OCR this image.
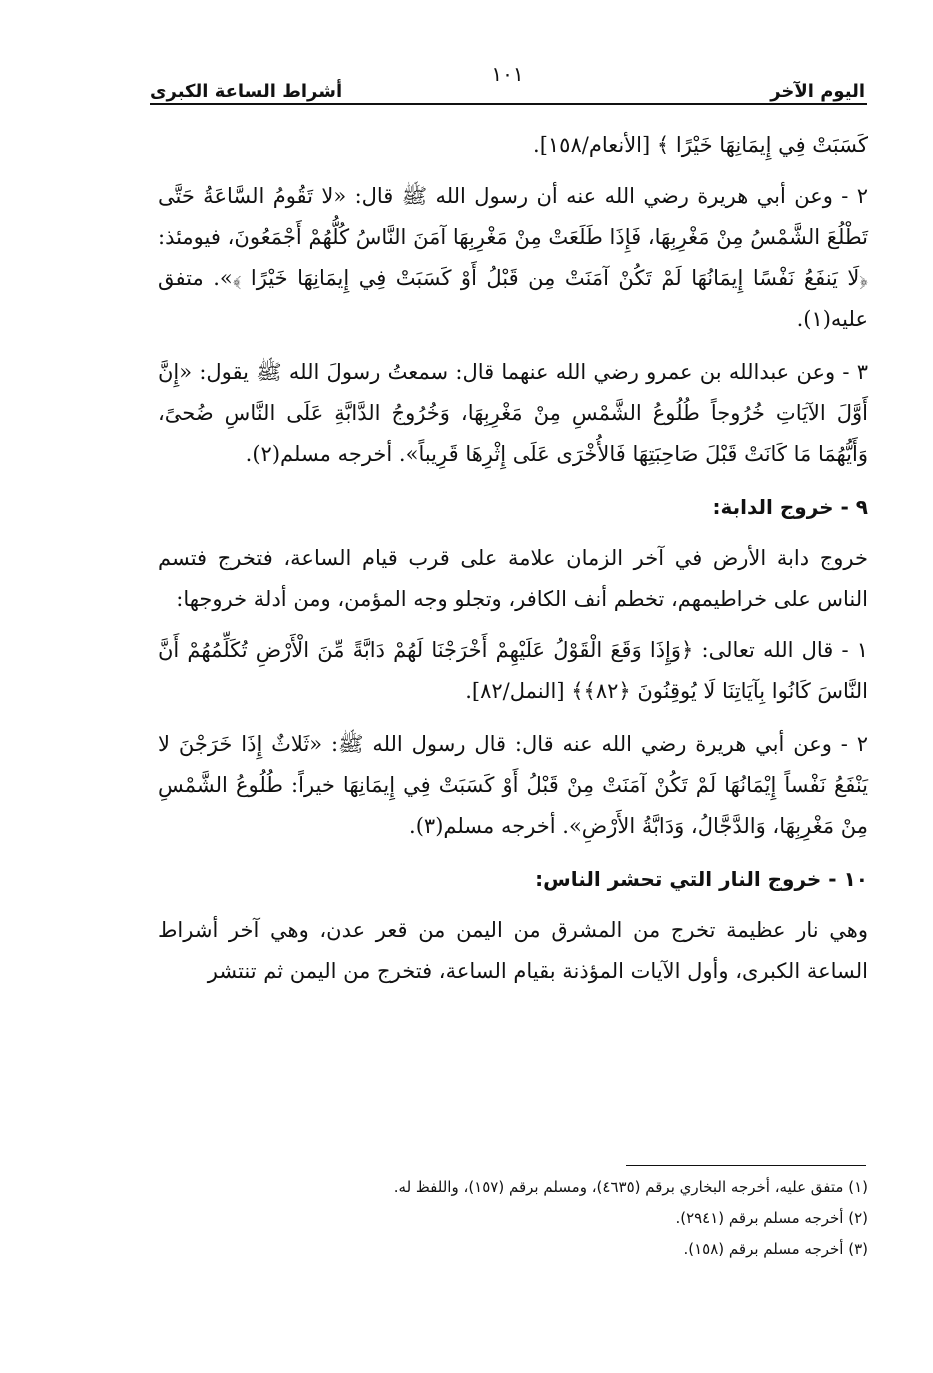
اليوم الآخر
١٠١
أشراط الساعة الكبرى

كَسَبَتْ فِي إِيمَانِهَا خَيْرًا ﴾ [الأنعام/١٥٨].

٢ - وعن أبي هريرة رضي الله عنه أن رسول الله ﷺ قال: «لا تَقُومُ السَّاعَةُ حَتَّى تَطْلُعَ الشَّمْسُ مِنْ مَغْرِبِهَا، فَإِذَا طَلَعَتْ مِنْ مَغْرِبِهَا آمَنَ النَّاسُ كُلُّهُمْ أَجْمَعُونَ، فيومئذ: ﴿لَا يَنفَعُ نَفْسًا إِيمَانُهَا لَمْ تَكُنْ آمَنَتْ مِن قَبْلُ أَوْ كَسَبَتْ فِي إِيمَانِهَا خَيْرًا ﴾». متفق عليه(١).

٣ - وعن عبدالله بن عمرو رضي الله عنهما قال: سمعتُ رسولَ الله ﷺ يقول: «إِنَّ أَوَّلَ الآيَاتِ خُرُوجاً طُلُوعُ الشَّمْسِ مِنْ مَغْرِبِهَا، وَخُرُوجُ الدَّابَّةِ عَلَى النَّاسِ ضُحىً، وَأَيُّهُمَا مَا كَانَتْ قَبْلَ صَاحِبَتِهَا فَالأُخْرَى عَلَى إِثْرِهَا قَرِيباً». أخرجه مسلم(٢).

٩ - خروج الدابة:

خروج دابة الأرض في آخر الزمان علامة على قرب قيام الساعة، فتخرج فتسم الناس على خراطيمهم، تخطم أنف الكافر، وتجلو وجه المؤمن، ومن أدلة خروجها:

١ - قال الله تعالى: ﴿وَإِذَا وَقَعَ الْقَوْلُ عَلَيْهِمْ أَخْرَجْنَا لَهُمْ دَابَّةً مِّنَ الْأَرْضِ تُكَلِّمُهُمْ أَنَّ النَّاسَ كَانُوا بِآيَاتِنَا لَا يُوقِنُونَ ﴿٨٢﴾﴾ [النمل/٨٢].

٢ - وعن أبي هريرة رضي الله عنه قال: قال رسول الله ﷺ: «ثَلاثٌ إِذَا خَرَجْنَ لا يَنْفَعُ نَفْساً إِيْمَانُهَا لَمْ تَكُنْ آمَنَتْ مِنْ قَبْلُ أَوْ كَسَبَتْ فِي إِيمَانِهَا خيراً: طُلُوعُ الشَّمْسِ مِنْ مَغْرِبِهَا، وَالدَّجَّالُ، وَدَابَّةُ الأَرْضِ». أخرجه مسلم(٣).

١٠ - خروج النار التي تحشر الناس:

وهي نار عظيمة تخرج من المشرق من اليمن من قعر عدن، وهي آخر أشراط الساعة الكبرى، وأول الآيات المؤذنة بقيام الساعة، فتخرج من اليمن ثم تنتشر

(١) متفق عليه، أخرجه البخاري برقم (٤٦٣٥)، ومسلم برقم (١٥٧)، واللفظ له.
(٢) أخرجه مسلم برقم (٢٩٤١).
(٣) أخرجه مسلم برقم (١٥٨).
